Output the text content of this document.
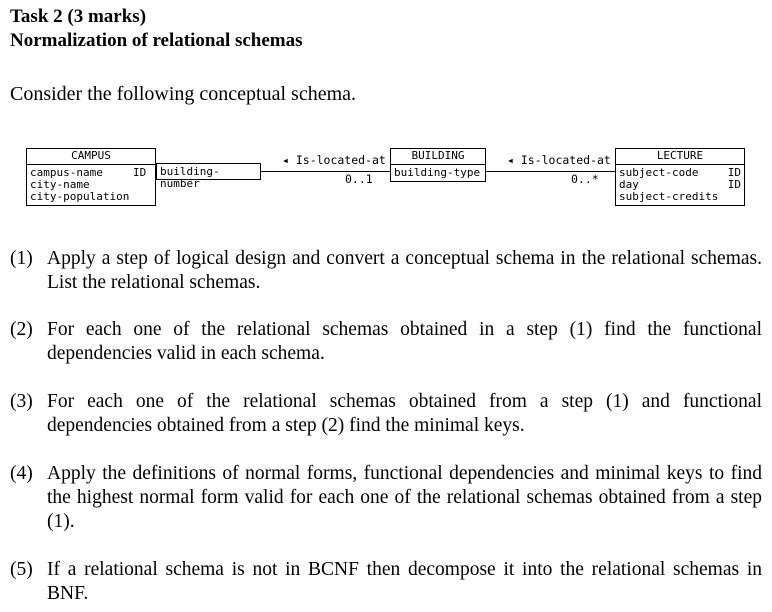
Task 2 (3 marks)
Normalization of relational schemas
Consider the following conceptual schema.
CAMPUS
campus-name
city-name
city-population
ID	building-number
◂ Is-located-at
0..1
BUILDING
building-type
◂ Is-located-at
0..*
LECTURE
subject-code	ID
day	ID
subject-credits
(1) Apply a step of logical design and convert a conceptual schema in the relational schemas. List the relational schemas.
(2) For each one of the relational schemas obtained in a step (1) find the functional dependencies valid in each schema.
(3) For each one of the relational schemas obtained from a step (1) and functional dependencies obtained from a step (2) find the minimal keys.
(4) Apply the definitions of normal forms, functional dependencies and minimal keys to find the highest normal form valid for each one of the relational schemas obtained from a step (1).
(5) If a relational schema is not in BCNF then decompose it into the relational schemas in BNF.
